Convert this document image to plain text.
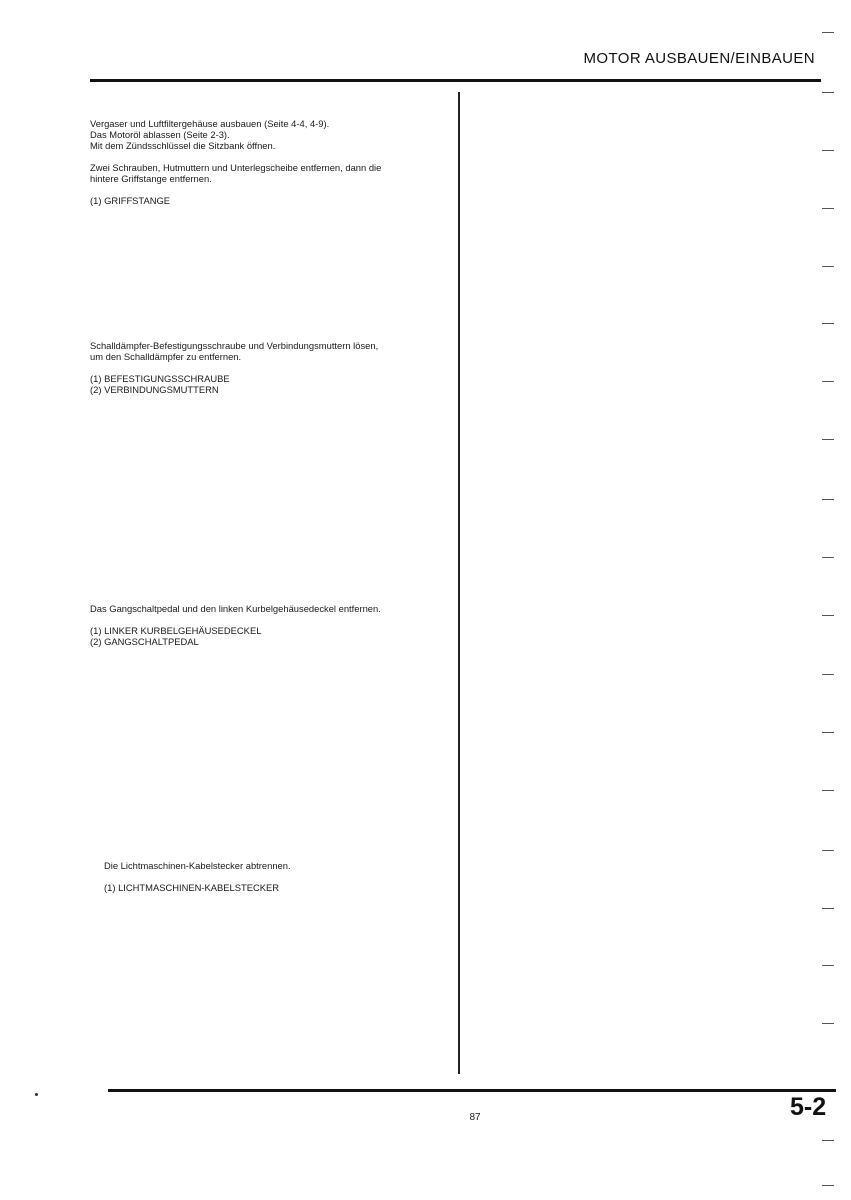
MOTOR AUSBAUEN/EINBAUEN
Vergaser und Luftfiltergehäuse ausbauen (Seite 4-4, 4-9).
Das Motoröl ablassen (Seite 2-3).
Mit dem Zündsschlüssel die Sitzbank öffnen.
Zwei Schrauben, Hutmuttern und Unterlegscheibe entfernen, dann die
hintere Griffstange entfernen.
(1) GRIFFSTANGE
Schalldämpfer-Befestigungsschraube und Verbindungsmuttern lösen,
um den Schalldämpfer zu entfernen.
(1) BEFESTIGUNGSSCHRAUBE
(2) VERBINDUNGSMUTTERN
Das Gangschaltpedal und den linken Kurbelgehäusedeckel entfernen.
(1) LINKER KURBELGEHÄUSEDECKEL
(2) GANGSCHALTPEDAL
Die Lichtmaschinen-Kabelstecker abtrennen.
(1) LICHTMASCHINEN-KABELSTECKER
87	5-2
